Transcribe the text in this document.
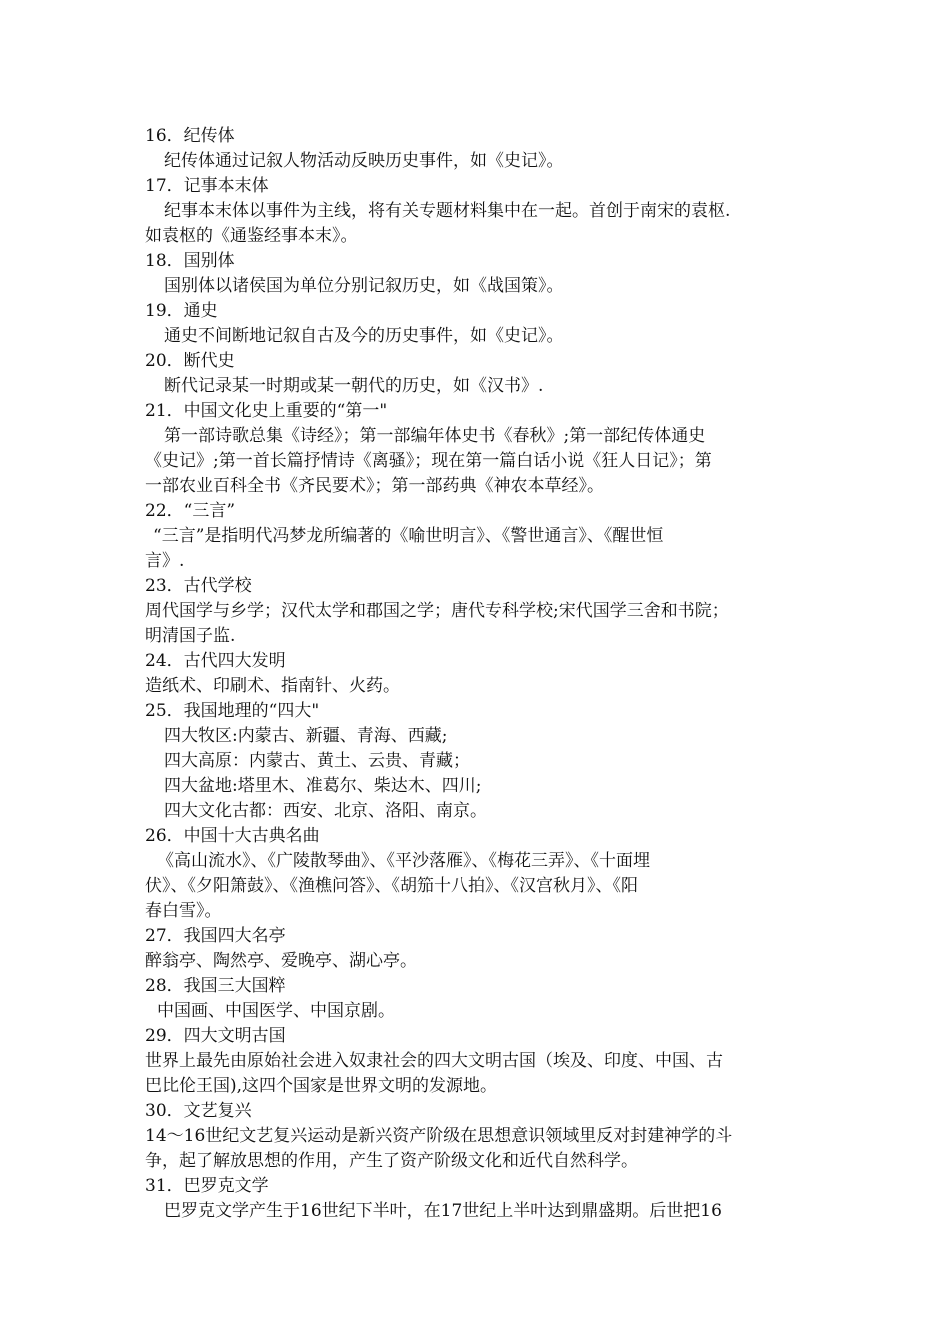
16．纪传体
纪传体通过记叙人物活动反映历史事件，如《史记》。
17．记事本末体
纪事本末体以事件为主线，将有关专题材料集中在一起。首创于南宋的袁枢.
如袁枢的《通鉴经事本末》。
18．国别体
国别体以诸侯国为单位分别记叙历史，如《战国策》。
19．通史
通史不间断地记叙自古及今的历史事件，如《史记》。
20．断代史
断代记录某一时期或某一朝代的历史，如《汉书》.
21．中国文化史上重要的“第一"
第一部诗歌总集《诗经》；第一部编年体史书《春秋》;第一部纪传体通史
《史记》;第一首长篇抒情诗《离骚》；现在第一篇白话小说《狂人日记》；第
一部农业百科全书《齐民要术》；第一部药典《神农本草经》。
22．“三言”
“三言”是指明代冯梦龙所编著的《喻世明言》、《警世通言》、《醒世恒
言》.
23．古代学校
周代国学与乡学；汉代太学和郡国之学；唐代专科学校;宋代国学三舍和书院；
明清国子监.
24．古代四大发明
造纸术、印刷术、指南针、火药。
25．我国地理的“四大"
四大牧区:内蒙古、新疆、青海、西藏;
四大高原：内蒙古、黄土、云贵、青藏；
四大盆地:塔里木、准葛尔、柴达木、四川;
四大文化古都：西安、北京、洛阳、南京。
26．中国十大古典名曲
《高山流水》、《广陵散琴曲》、《平沙落雁》、《梅花三弄》、《十面埋
伏》、《夕阳箫鼓》、《渔樵问答》、《胡笳十八拍》、《汉宫秋月》、《阳
春白雪》。
27．我国四大名亭
醉翁亭、陶然亭、爱晚亭、湖心亭。
28．我国三大国粹
中国画、中国医学、中国京剧。
29．四大文明古国
世界上最先由原始社会进入奴隶社会的四大文明古国（埃及、印度、中国、古
巴比伦王国),这四个国家是世界文明的发源地。
30．文艺复兴
14～16世纪文艺复兴运动是新兴资产阶级在思想意识领域里反对封建神学的斗
争，起了解放思想的作用，产生了资产阶级文化和近代自然科学。
31．巴罗克文学
巴罗克文学产生于16世纪下半叶，在17世纪上半叶达到鼎盛期。后世把16
